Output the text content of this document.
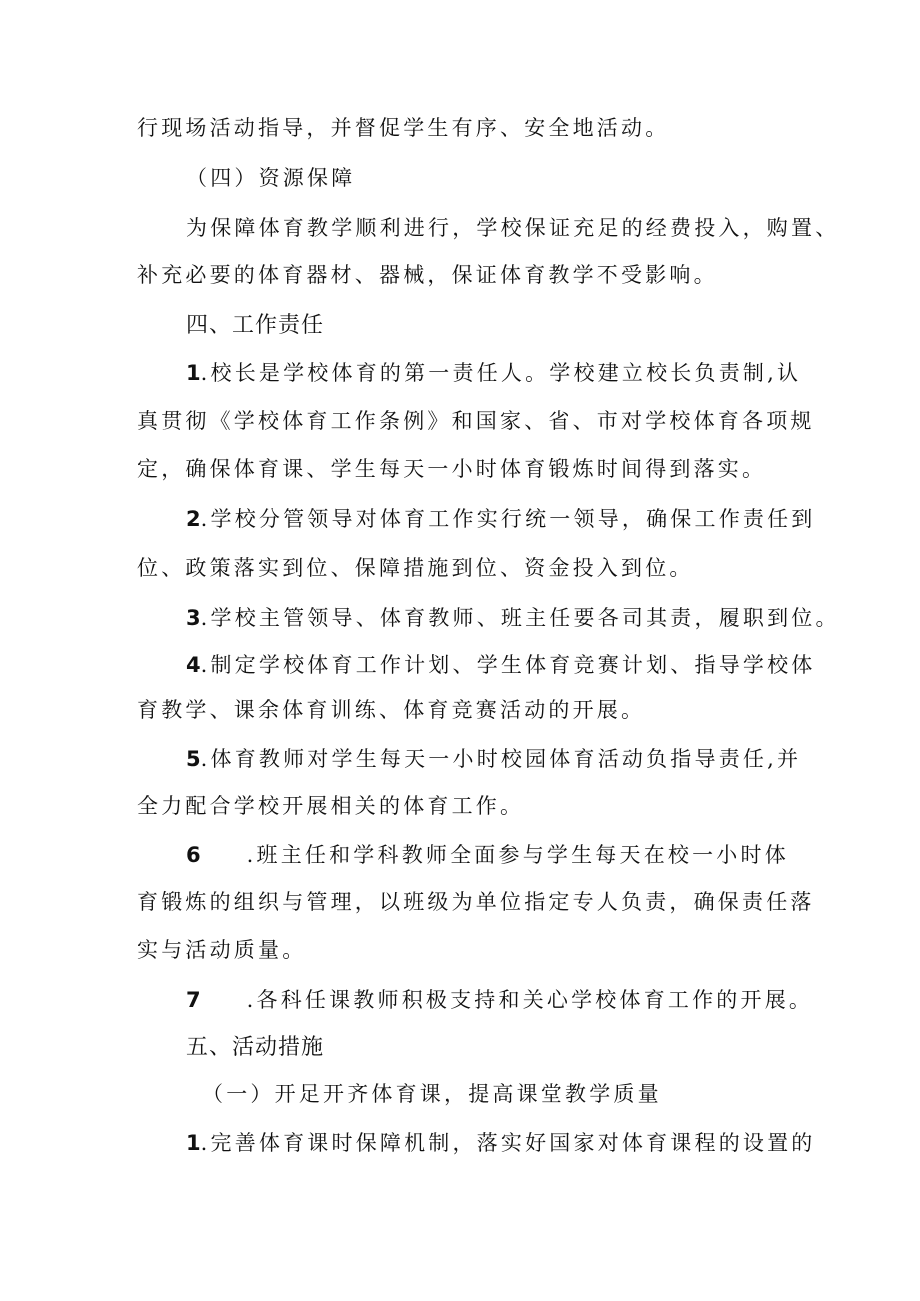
行现场活动指导，并督促学生有序、安全地活动。
（四）资源保障
为保障体育教学顺利进行，学校保证充足的经费投入，购置、
补充必要的体育器材、器械，保证体育教学不受影响。
四、工作责任
1.校长是学校体育的第一责任人。学校建立校长负责制,认
真贯彻《学校体育工作条例》和国家、省、市对学校体育各项规
定，确保体育课、学生每天一小时体育锻炼时间得到落实。
2.学校分管领导对体育工作实行统一领导，确保工作责任到
位、政策落实到位、保障措施到位、资金投入到位。
3.学校主管领导、体育教师、班主任要各司其责，履职到位。
4.制定学校体育工作计划、学生体育竞赛计划、指导学校体
育教学、课余体育训练、体育竞赛活动的开展。
5.体育教师对学生每天一小时校园体育活动负指导责任,并
全力配合学校开展相关的体育工作。
6 .班主任和学科教师全面参与学生每天在校一小时体
育锻炼的组织与管理，以班级为单位指定专人负责，确保责任落
实与活动质量。
7 .各科任课教师积极支持和关心学校体育工作的开展。
五、活动措施
（一）开足开齐体育课，提高课堂教学质量
1.完善体育课时保障机制，落实好国家对体育课程的设置的
